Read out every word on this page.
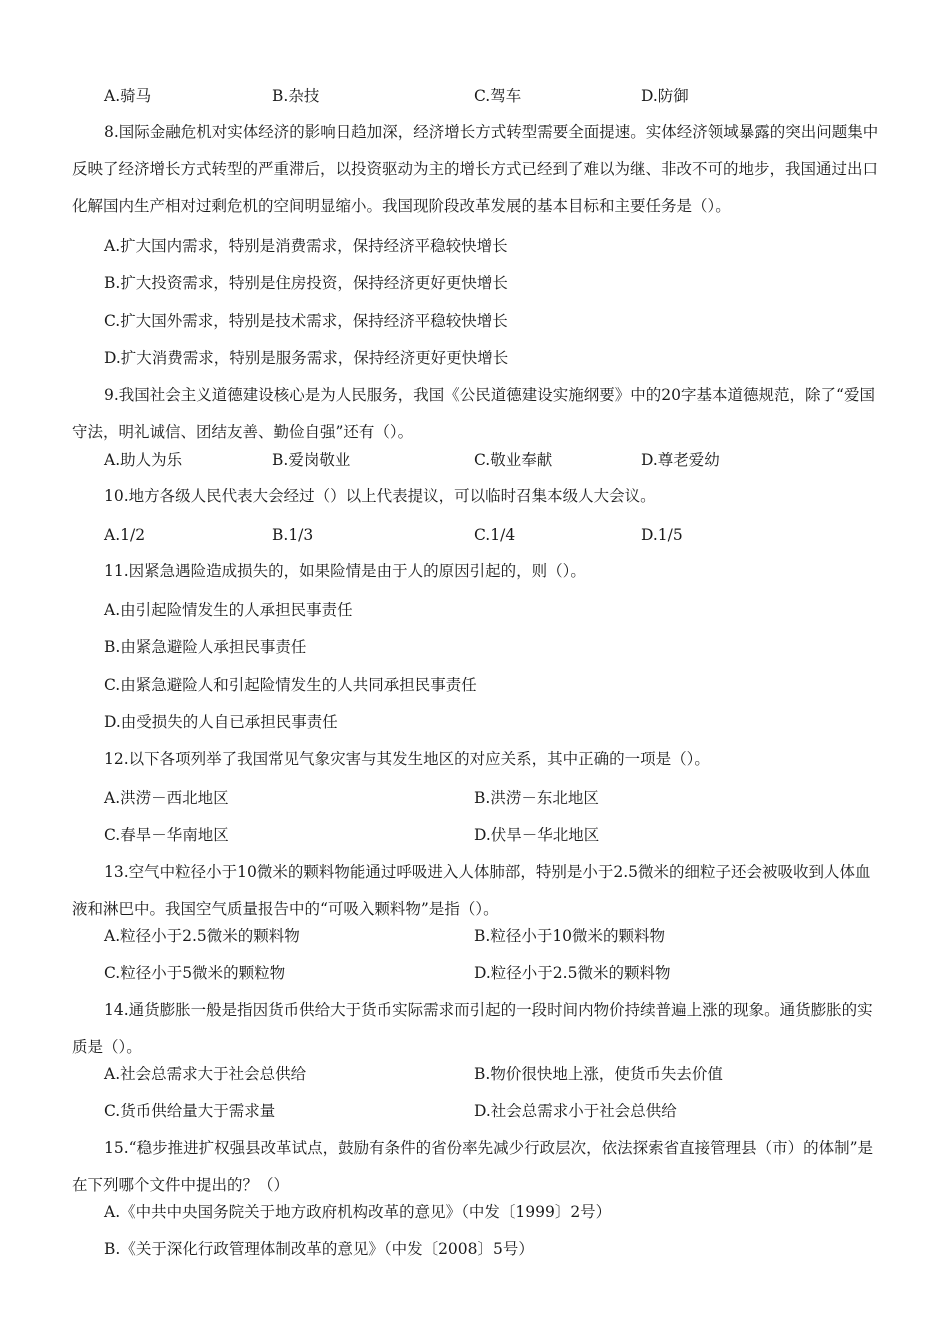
A.骑马	B.杂技	C.驾车	D.防御
8.国际金融危机对实体经济的影响日趋加深，经济增长方式转型需要全面提速。实体经济领域暴露的突出问题集中反映了经济增长方式转型的严重滞后，以投资驱动为主的增长方式已经到了难以为继、非改不可的地步，我国通过出口化解国内生产相对过剩危机的空间明显缩小。我国现阶段改革发展的基本目标和主要任务是（）。
A.扩大国内需求，特别是消费需求，保持经济平稳较快增长
B.扩大投资需求，特别是住房投资，保持经济更好更快增长
C.扩大国外需求，特别是技术需求，保持经济平稳较快增长
D.扩大消费需求，特别是服务需求，保持经济更好更快增长
9.我国社会主义道德建设核心是为人民服务，我国《公民道德建设实施纲要》中的20字基本道德规范，除了“爱国守法，明礼诚信、团结友善、勤俭自强”还有（）。
A.助人为乐	B.爱岗敬业	C.敬业奉献	D.尊老爱幼
10.地方各级人民代表大会经过（）以上代表提议，可以临时召集本级人大会议。
A.1/2	B.1/3	C.1/4	D.1/5
11.因紧急遇险造成损失的，如果险情是由于人的原因引起的，则（）。
A.由引起险情发生的人承担民事责任
B.由紧急避险人承担民事责任
C.由紧急避险人和引起险情发生的人共同承担民事责任
D.由受损失的人自已承担民事责任
12.以下各项列举了我国常见气象灾害与其发生地区的对应关系，其中正确的一项是（）。
A.洪涝－西北地区	B.洪涝－东北地区
C.春旱－华南地区	D.伏旱－华北地区
13.空气中粒径小于10微米的颗料物能通过呼吸进入人体肺部，特别是小于2.5微米的细粒子还会被吸收到人体血液和淋巴中。我国空气质量报告中的“可吸入颗料物”是指（）。
A.粒径小于2.5微米的颗料物	B.粒径小于10微米的颗料物
C.粒径小于5微米的颗粒物	D.粒径小于2.5微米的颗料物
14.通货膨胀一般是指因货币供给大于货币实际需求而引起的一段时间内物价持续普遍上涨的现象。通货膨胀的实质是（）。
A.社会总需求大于社会总供给	B.物价很快地上涨，使货币失去价值
C.货币供给量大于需求量	D.社会总需求小于社会总供给
15.“稳步推进扩权强县改革试点，鼓励有条件的省份率先减少行政层次，依法探索省直接管理县（市）的体制”是在下列哪个文件中提出的？（）
A.《中共中央国务院关于地方政府机构改革的意见》（中发〔1999〕2号）
B.《关于深化行政管理体制改革的意见》（中发〔2008〕5号）
